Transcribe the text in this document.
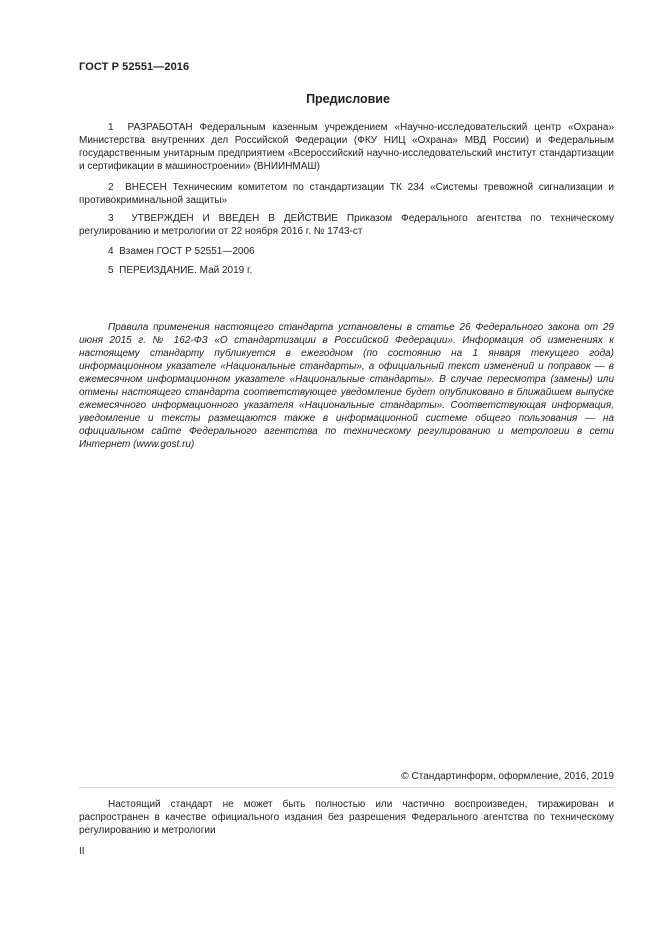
ГОСТ Р 52551—2016
Предисловие
1 РАЗРАБОТАН Федеральным казенным учреждением «Научно-исследовательский центр «Охрана» Министерства внутренних дел Российской Федерации (ФКУ НИЦ «Охрана» МВД России) и Федеральным государственным унитарным предприятием «Всероссийский научно-исследовательский институт стандартизации и сертификации в машиностроении» (ВНИИНМАШ)
2 ВНЕСЕН Техническим комитетом по стандартизации ТК 234 «Системы тревожной сигнализации и противокриминальной защиты»
3 УТВЕРЖДЕН И ВВЕДЕН В ДЕЙСТВИЕ Приказом Федерального агентства по техническому регулированию и метрологии от 22 ноября 2016 г. № 1743-ст
4 Взамен ГОСТ Р 52551—2006
5 ПЕРЕИЗДАНИЕ. Май 2019 г.
Правила применения настоящего стандарта установлены в статье 26 Федерального закона от 29 июня 2015 г. № 162-ФЗ «О стандартизации в Российской Федерации». Информация об изменениях к настоящему стандарту публикуется в ежегодном (по состоянию на 1 января текущего года) информационном указателе «Национальные стандарты», а официальный текст изменений и поправок — в ежемесячном информационном указателе «Национальные стандарты». В случае пересмотра (замены) или отмены настоящего стандарта соответствующее уведомление будет опубликовано в ближайшем выпуске ежемесячного информационного указателя «Национальные стандарты». Соответствующая информация, уведомление и тексты размещаются также в информационной системе общего пользования — на официальном сайте Федерального агентства по техническому регулированию и метрологии в сети Интернет (www.gost.ru)
© Стандартинформ, оформление, 2016, 2019
Настоящий стандарт не может быть полностью или частично воспроизведен, тиражирован и распространен в качестве официального издания без разрешения Федерального агентства по техническому регулированию и метрологии
II
